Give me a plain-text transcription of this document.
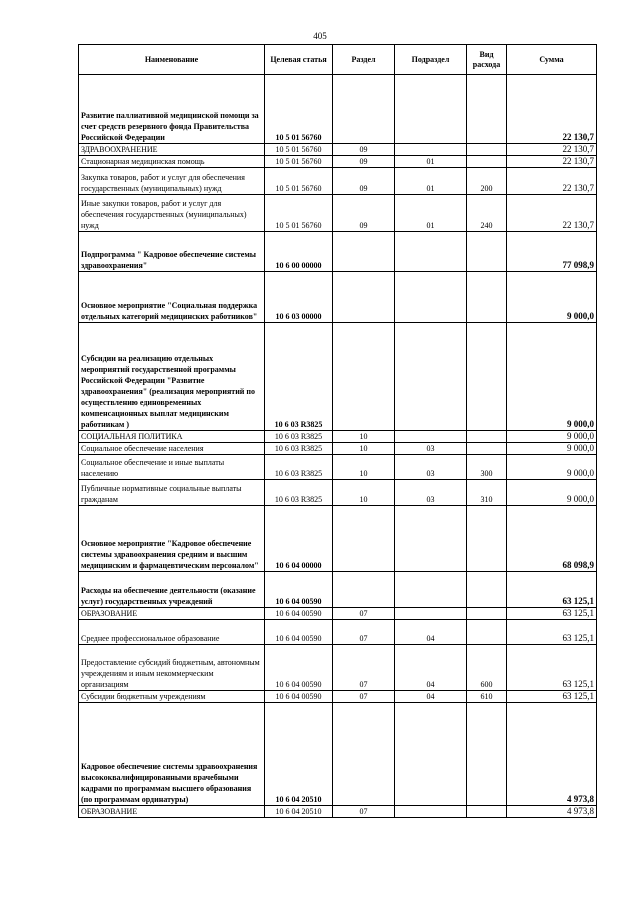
405
Наименование	Целевая статья	Раздел	Подраздел	Вид расхода	Сумма
Развитие паллиативной медицинской помощи за счет средств резервного фонда Правительства Российской Федерации	10 5 01 56760				22 130,7
ЗДРАВООХРАНЕНИЕ	10 5 01 56760	09			22 130,7
Стационарная медицинская помощь	10 5 01 56760	09	01		22 130,7
Закупка товаров, работ и услуг для обеспечения государственных (муниципальных) нужд	10 5 01 56760	09	01	200	22 130,7
Иные закупки товаров, работ и услуг для обеспечения государственных (муниципальных) нужд	10 5 01 56760	09	01	240	22 130,7
Подпрограмма " Кадровое обеспечение системы здравоохранения"	10 6 00 00000				77 098,9
Основное мероприятие "Социальная поддержка отдельных категорий медицинских работников"	10 6 03 00000				9 000,0
Субсидии на реализацию отдельных мероприятий государственной программы Российской Федерации "Развитие здравоохранения" (реализация мероприятий по осуществлению единовременных компенсационных выплат медицинским работникам )	10 6 03 R3825				9 000,0
СОЦИАЛЬНАЯ ПОЛИТИКА	10 6 03 R3825	10			9 000,0
Социальное обеспечение населения	10 6 03 R3825	10	03		9 000,0
Социальное обеспечение и иные выплаты населению	10 6 03 R3825	10	03	300	9 000,0
Публичные нормативные социальные выплаты гражданам	10 6 03 R3825	10	03	310	9 000,0
Основное мероприятие "Кадровое обеспечение системы здравоохранения средним и высшим медицинским и фармацевтическим персоналом"	10 6 04 00000				68 098,9
Расходы на обеспечение деятельности (оказание услуг) государственных учреждений	10 6 04 00590				63 125,1
ОБРАЗОВАНИЕ	10 6 04 00590	07			63 125,1
Среднее профессиональное образование	10 6 04 00590	07	04		63 125,1
Предоставление субсидий бюджетным, автономным учреждениям и иным некоммерческим организациям	10 6 04 00590	07	04	600	63 125,1
Субсидии бюджетным учреждениям	10 6 04 00590	07	04	610	63 125,1
Кадровое обеспечение системы здравоохранения высококвалифицированными врачебными кадрами по программам высшего образования (по программам ординатуры)	10 6 04 20510				4 973,8
ОБРАЗОВАНИЕ	10 6 04 20510	07			4 973,8
